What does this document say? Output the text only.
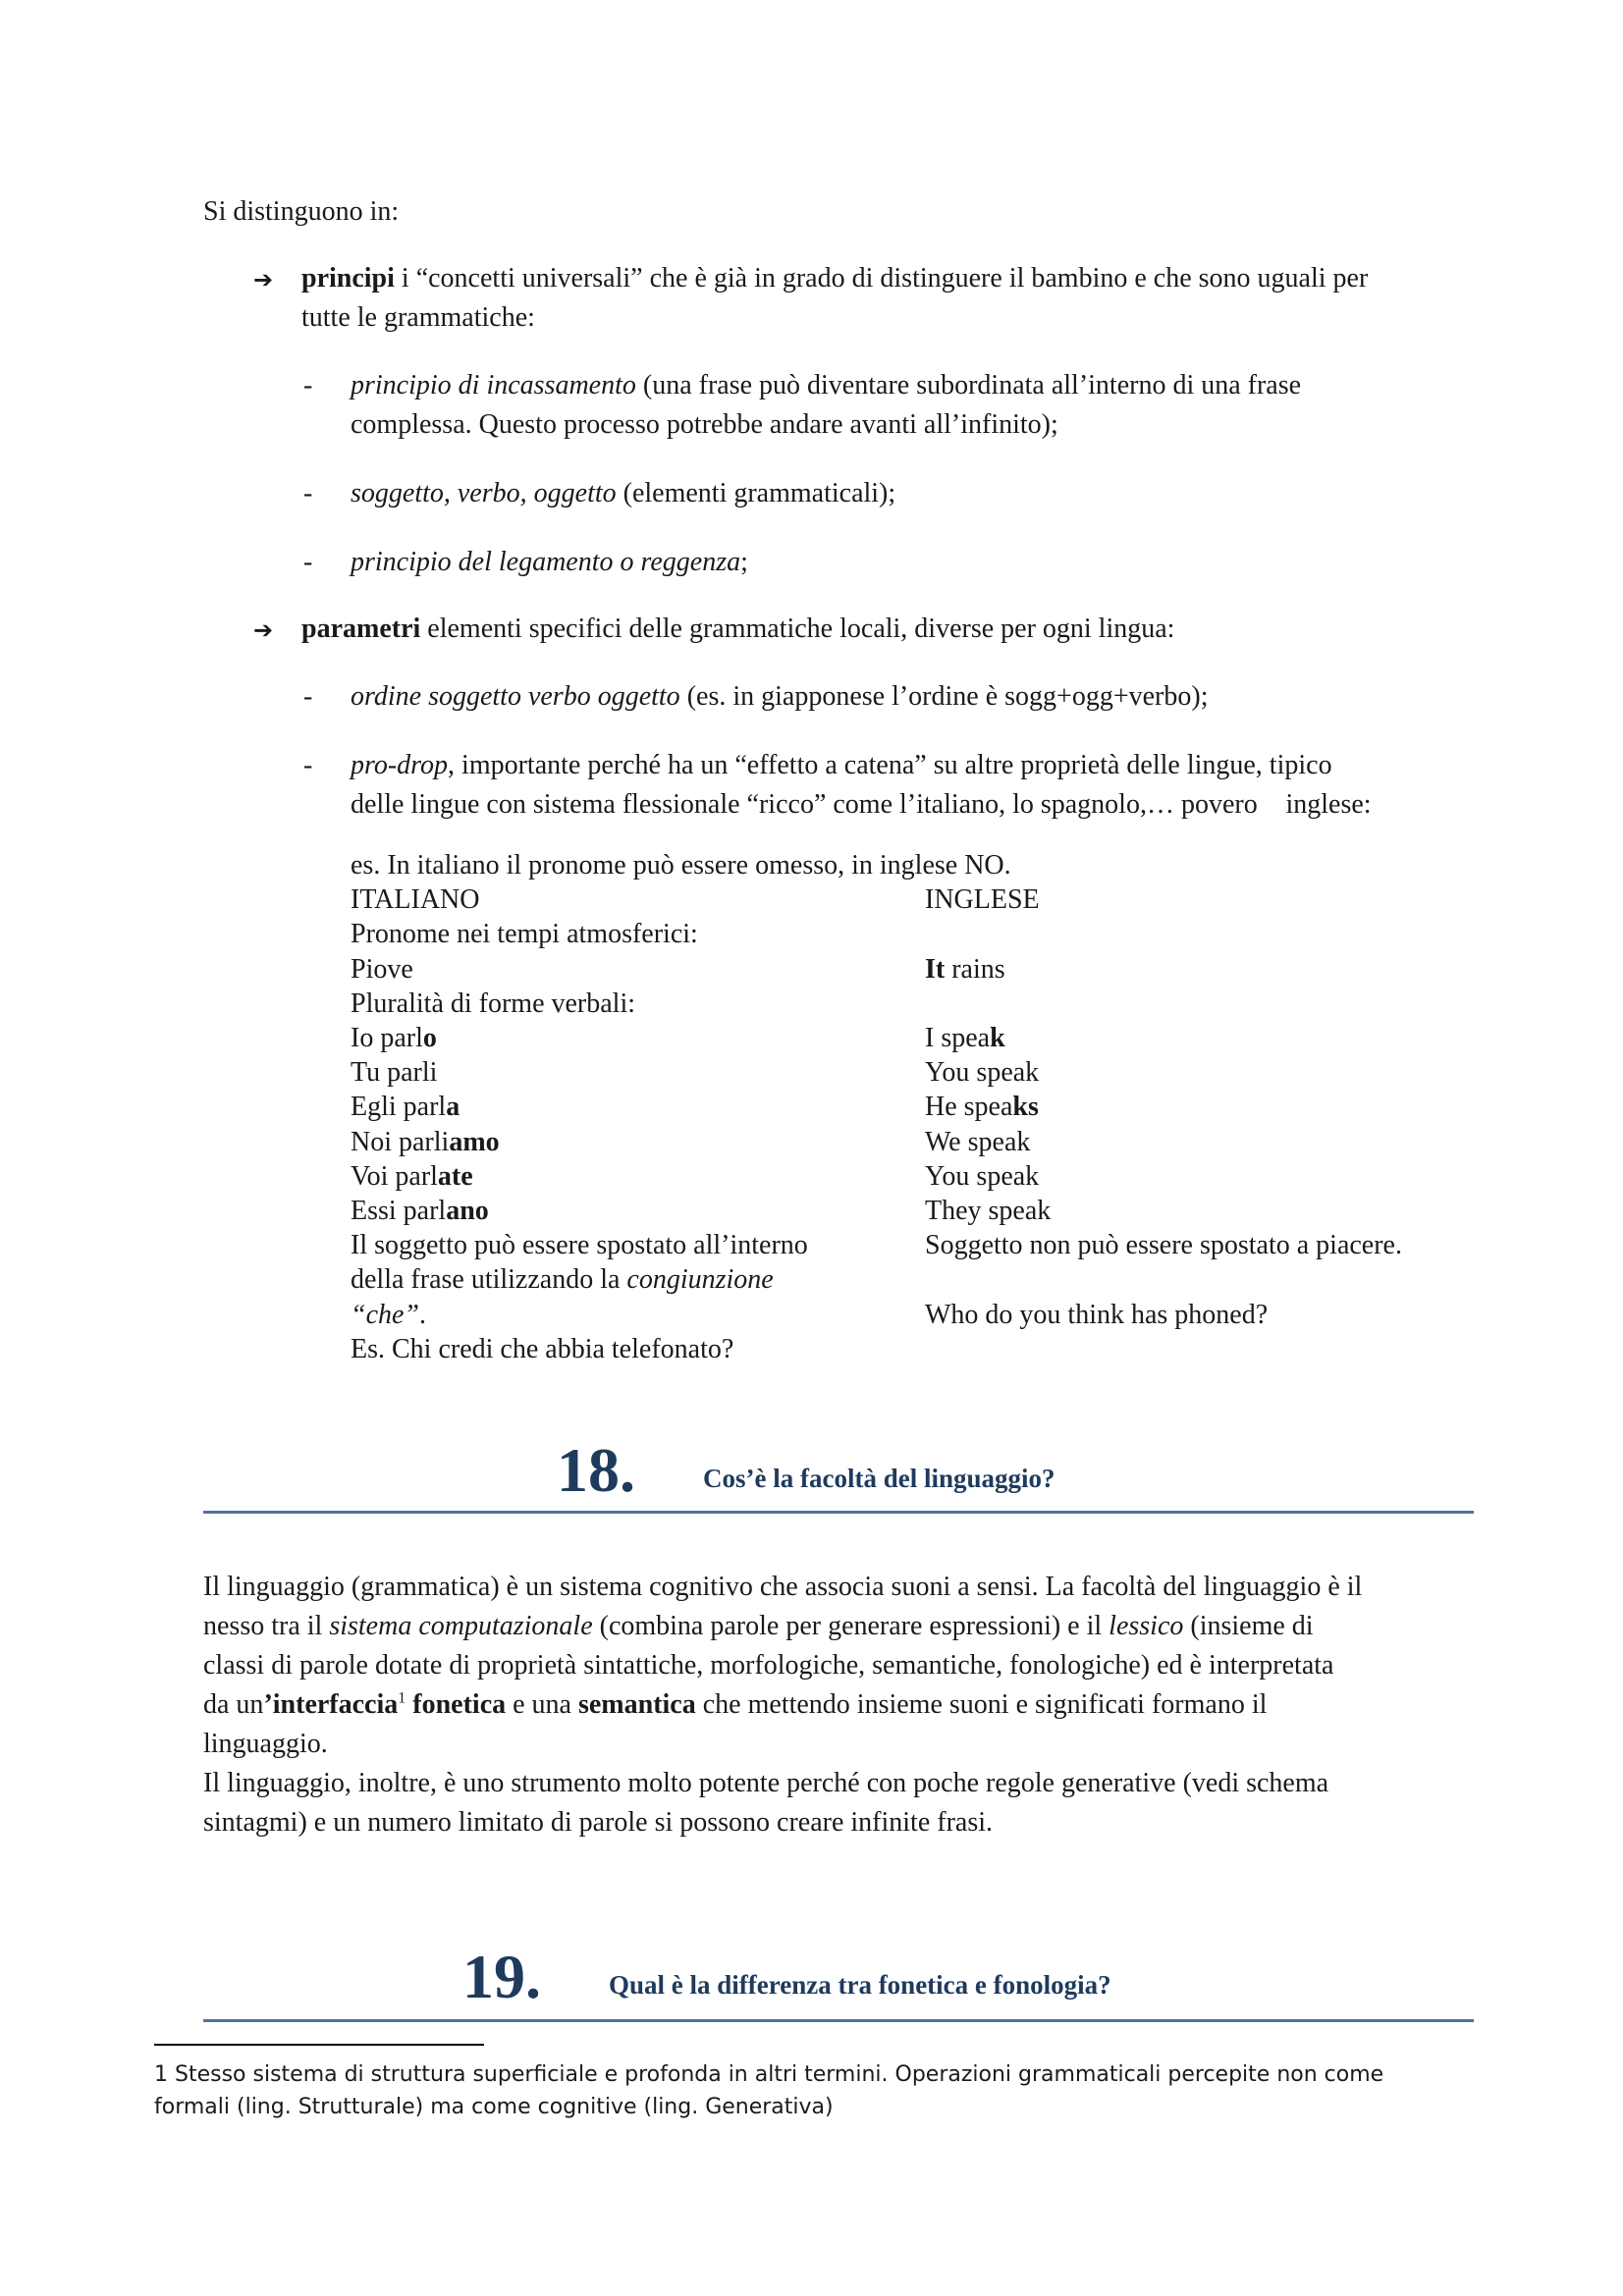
Si distinguono in:
➔ principi i “concetti universali” che è già in grado di distinguere il bambino e che sono uguali per
tutte le grammatiche:
- principio di incassamento (una frase può diventare subordinata all’interno di una frase
complessa. Questo processo potrebbe andare avanti all’infinito);
- soggetto, verbo, oggetto (elementi grammaticali);
- principio del legamento o reggenza;
➔ parametri elementi specifici delle grammatiche locali, diverse per ogni lingua:
- ordine soggetto verbo oggetto (es. in giapponese l’ordine è sogg+ogg+verbo);
- pro-drop, importante perché ha un “effetto a catena” su altre proprietà delle lingue, tipico
delle lingue con sistema flessionale “ricco” come l’italiano, lo spagnolo,… povero inglese:
es. In italiano il pronome può essere omesso, in inglese NO.
ITALIANO
Pronome nei tempi atmosferici:
Piove
Pluralità di forme verbali:
Io parlo
Tu parli
Egli parla
Noi parliamo
Voi parlate
Essi parlano
Il soggetto può essere spostato all’interno
della frase utilizzando la congiunzione
“che”.
Es. Chi credi che abbia telefonato?
INGLESE

It rains

I speak
You speak
He speaks
We speak
You speak
They speak
Soggetto non può essere spostato a piacere.

Who do you think has phoned?
18.	Cos’è la facoltà del linguaggio?
Il linguaggio (grammatica) è un sistema cognitivo che associa suoni a sensi. La facoltà del linguaggio è il
nesso tra il sistema computazionale (combina parole per generare espressioni) e il lessico (insieme di
classi di parole dotate di proprietà sintattiche, morfologiche, semantiche, fonologiche) ed è interpretata
da un’interfaccia$^1$ fonetica e una semantica che mettendo insieme suoni e significati formano il
linguaggio.
Il linguaggio, inoltre, è uno strumento molto potente perché con poche regole generative (vedi schema
sintagmi) e un numero limitato di parole si possono creare infinite frasi.
19.	Qual è la differenza tra fonetica e fonologia?
1 Stesso sistema di struttura superficiale e profonda in altri termini. Operazioni grammaticali percepite non come
formali (ling. Strutturale) ma come cognitive (ling. Generativa)
